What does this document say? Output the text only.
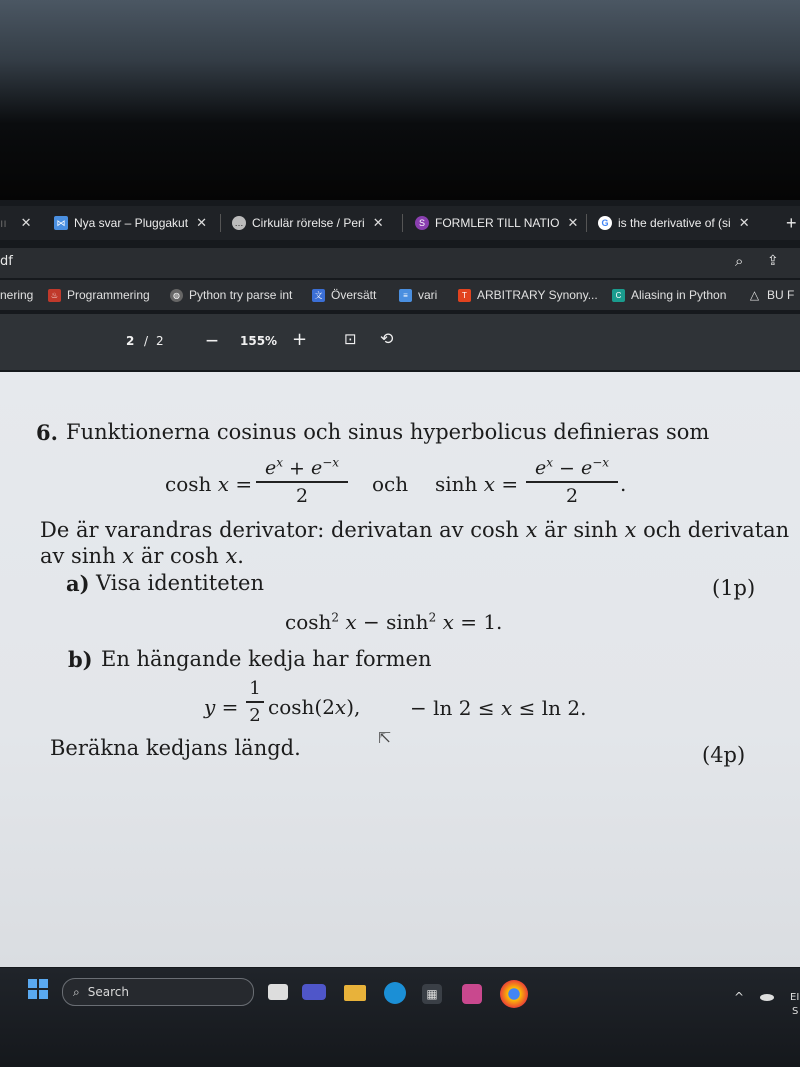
ıı ✕	⋈ Nya svar – Pluggakut ✕	… Cirkulär rörelse / Peri ✕	S FORMLER TILL NATIO ✕	G is the derivative of (si ✕ +
df	⌕ ⇪
nering	♨ Programmering	◍ Python try parse int	文 Översätt	≡ vari	T ARBITRARY Synony...	C Aliasing in Python △ BU F
2 / 2	— 155% + ⊡ ⟲
6. Funktionerna cosinus och sinus hyperbolicus definieras som
cosh x =
$e^x + e^{-x}$
2	och sinh x =
$e^x - e^{-x}$
2 .
De är varandras derivator: derivatan av cosh x är sinh x och derivatan
av sinh x är cosh x.
a) Visa identiteten	(1p)
$\cosh^2 x - \sinh^2 x = 1$.
b) En hängande kedja har formen
y =
1
2 cosh(2x), − ln 2 ≤ x ≤ ln 2.
Beräkna kedjans längd.	(4p)
⇱
⌕ Search	▦	^	EI
S
